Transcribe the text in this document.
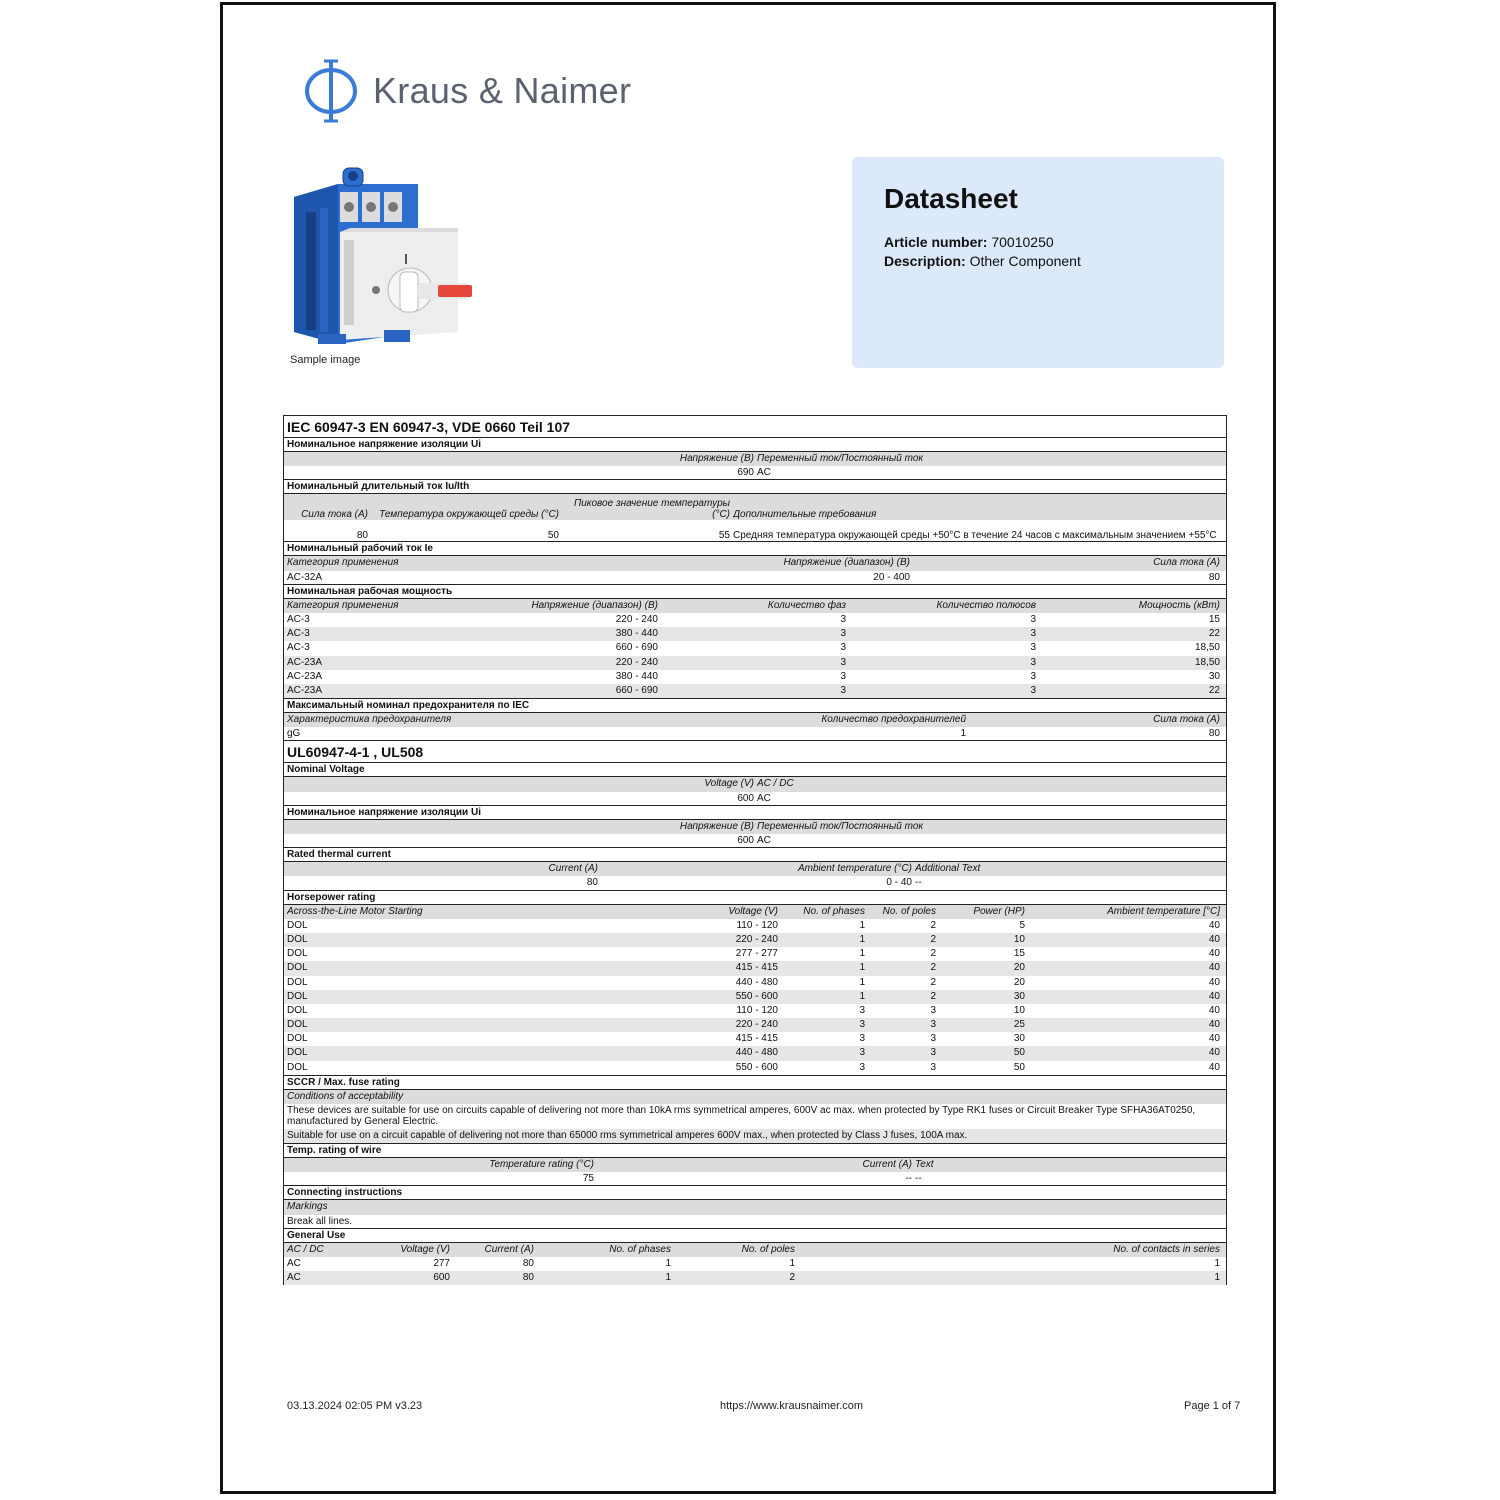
Kraus & Naimer
Sample image
Datasheet
Article number: 70010250
Description: Other Component
IEC 60947-3 EN 60947-3, VDE 0660 Teil 107
Номинальное напряжение изоляции Ui
Напряжение (В) Переменный ток/Постоянный ток
690 AC
Номинальный длительный ток Iu/Ith
Сила тока (А)	Температура окружающей среды (°C)
Пиковое значение температуры (°C) Дополнительные требования
80	50	55 Средняя температура окружающей среды +50°C в течение 24 часов с максимальным значением +55°C
Номинальный рабочий ток Ie
Категория применения	Напряжение (диапазон) (В)	Сила тока (А)
AC-32A	20 - 400	80
Номинальная рабочая мощность
Категория применения	Напряжение (диапазон) (В)	Количество фаз	Количество полюсов	Мощность (кВт)
AC-3	220 - 240	3	3	15
AC-3	380 - 440	3	3	22
AC-3	660 - 690	3	3	18,50
AC-23A	220 - 240	3	3	18,50
AC-23A	380 - 440	3	3	30
AC-23A	660 - 690	3	3	22
Максимальный номинал предохранителя по IEC
Характеристика предохранителя	Количество предохранителей	Сила тока (А)
gG	1	80
UL60947-4-1 , UL508
Nominal Voltage
Voltage (V) AC / DC
600 AC
Номинальное напряжение изоляции Ui
Напряжение (В) Переменный ток/Постоянный ток
600 AC
Rated thermal current
Current (A)	Ambient temperature (°C) Additional Text
80	0 - 40 --
Horsepower rating
Across-the-Line Motor Starting	Voltage (V)	No. of phases	No. of poles	Power (HP)	Ambient temperature [°C]
DOL	110 - 120	1	2	5	40
DOL	220 - 240	1	2	10	40
DOL	277 - 277	1	2	15	40
DOL	415 - 415	1	2	20	40
DOL	440 - 480	1	2	20	40
DOL	550 - 600	1	2	30	40
DOL	110 - 120	3	3	10	40
DOL	220 - 240	3	3	25	40
DOL	415 - 415	3	3	30	40
DOL	440 - 480	3	3	50	40
DOL	550 - 600	3	3	50	40
SCCR / Max. fuse rating
Conditions of acceptability
These devices are suitable for use on circuits capable of delivering not more than 10kA rms symmetrical amperes, 600V ac max. when protected by Type RK1 fuses or Circuit Breaker Type SFHA36AT0250, manufactured by General Electric.
Suitable for use on a circuit capable of delivering not more than 65000 rms symmetrical amperes 600V max., when protected by Class J fuses, 100A max.
Temp. rating of wire
Temperature rating (°C)	Current (A) Text
75	-- --
Connecting instructions
Markings
Break all lines.
General Use
AC / DC	Voltage (V)	Current (A)	No. of phases	No. of poles	No. of contacts in series
AC	277	80	1	1	1
AC	600	80	1	2	1
03.13.2024 02:05 PM v3.23	https://www.krausnaimer.com	Page 1 of 7
